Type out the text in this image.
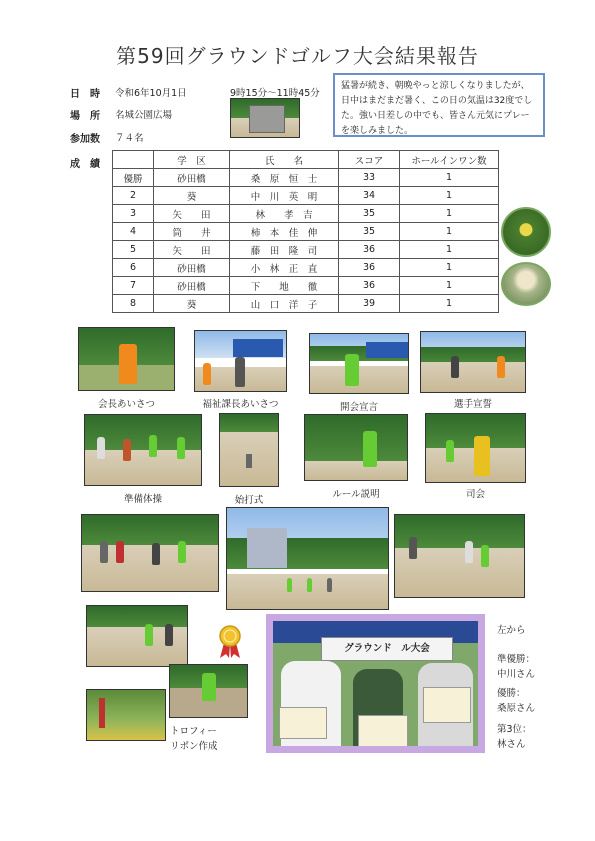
第59回グラウンドゴルフ大会結果報告
日　時 令和6年10月1日	9時15分～11時45分
場　所 名城公園広場
参加数 ７４名
成　績
猛暑が続き、朝晩やっと涼しくなりましたが、日中はまだまだ暑く、この日の気温は32度でした。強い日差しの中でも、皆さん元気にプレーを楽しみました。
	学　区	氏　　名	スコア	ホールインワン数
優勝	砂田橋	桑　原　恒　士	33	1
2	葵	中　川　英　明	34	1
3	矢　　田	林　　孝　吉	35	1
4	筒　　井	柿　本　佳　伸	35	1
5	矢　　田	藤　田　隆　司	36	1
6	砂田橋	小　林　正　直	36	1
7	砂田橋	下　　地　　徹	36	1
8	葵	山　口　洋　子	39	1
会長あいさつ	福祉課長あいさつ	開会宣言	選手宣誓
準備体操	始打式
ルール説明	司会
トロフィー
リボン作成
グラウンド　ル大会
左から
準優勝：
中川さん
優勝：
桑原さん
第3位：
林さん
